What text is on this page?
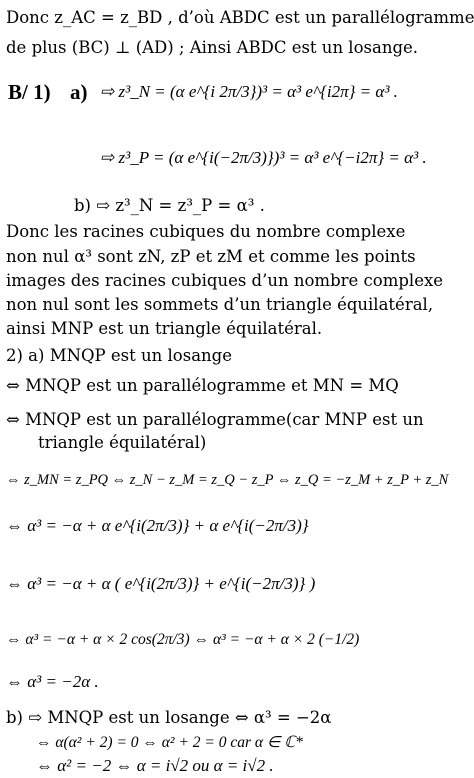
Donc z_AC = z_BD , d’où ABDC est un parallélogramme
de plus (BC) ⊥ (AD) ; Ainsi ABDC est un losange.
B/ 1) a) ⇨ z³_N = (α e^{i 2π/3})³ = α³ e^{i2π} = α³ .
⇨ z³_P = (α e^{i(−2π/3)})³ = α³ e^{−i2π} = α³ .
b) ⇨ z³_N = z³_P = α³ .
Donc les racines cubiques du nombre complexe
non nul α³ sont zN, zP et zM et comme les points
images des racines cubiques d’un nombre complexe
non nul sont les sommets d’un triangle équilatéral,
ainsi MNP est un triangle équilatéral.
2) a) MNQP est un losange
⇔ MNQP est un parallélogramme et MN = MQ
⇔ MNQP est un parallélogramme(car MNP est un
triangle équilatéral)
⇔ z_MN = z_PQ ⇔ z_N − z_M = z_Q − z_P ⇔ z_Q = −z_M + z_P + z_N
⇔ α³ = −α + α e^{i(2π/3)} + α e^{i(−2π/3)}
⇔ α³ = −α + α ( e^{i(2π/3)} + e^{i(−2π/3)} )
⇔ α³ = −α + α × 2 cos(2π/3) ⇔ α³ = −α + α × 2 (−1/2)
⇔ α³ = −2α .
b) ⇨ MNQP est un losange ⇔ α³ = −2α
⇔ α(α² + 2) = 0 ⇔ α² + 2 = 0 car α ∈ ℂ*
⇔ α² = −2 ⇔ α = i√2 ou α = i√2 .
